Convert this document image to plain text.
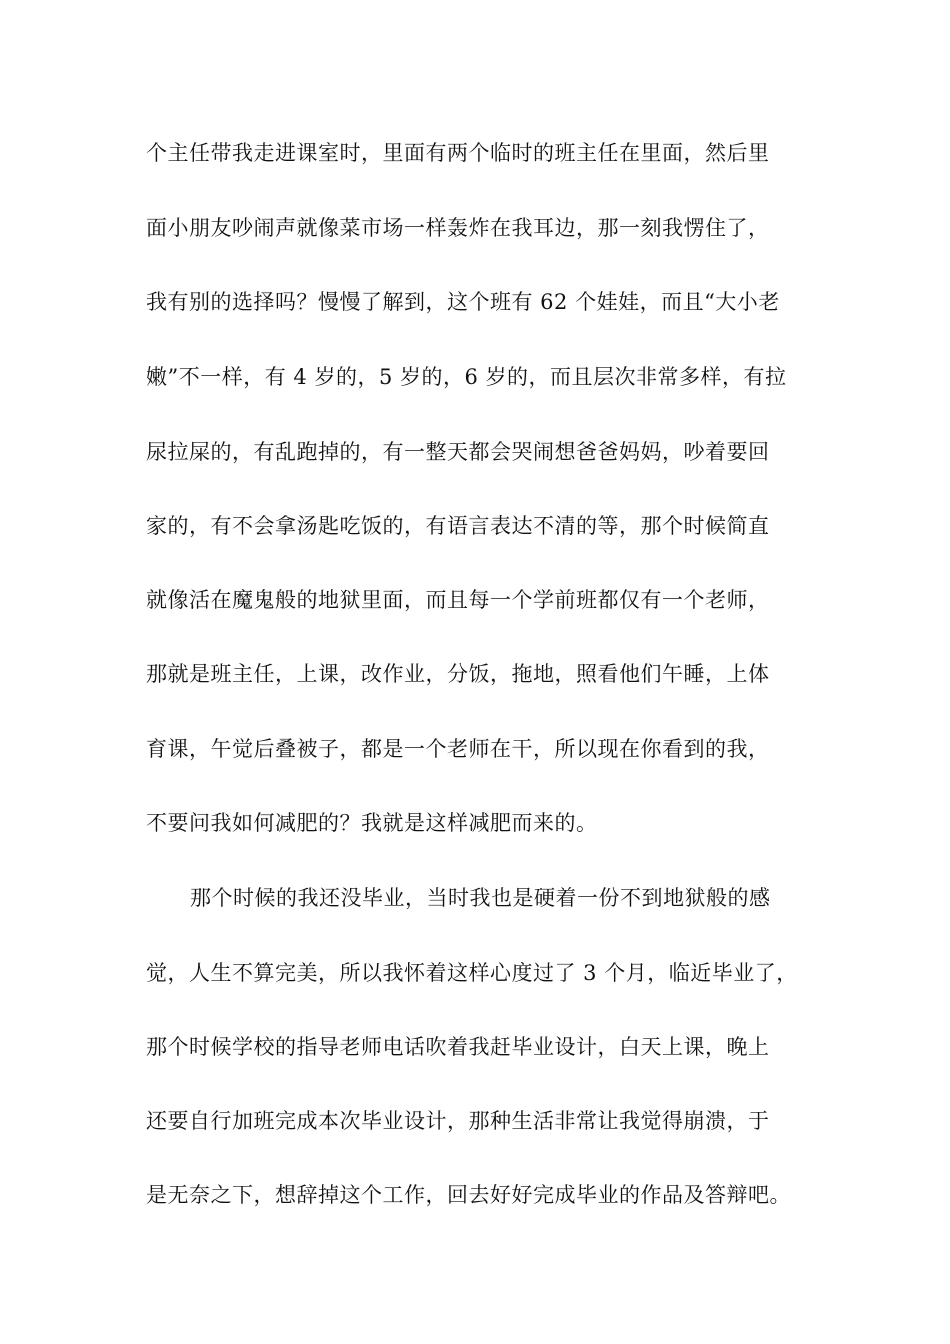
个主任带我走进课室时，里面有两个临时的班主任在里面，然后里
面小朋友吵闹声就像菜市场一样轰炸在我耳边，那一刻我愣住了，
我有别的选择吗？慢慢了解到，这个班有 62 个娃娃，而且“大小老
嫩”不一样，有 4 岁的，5 岁的，6 岁的，而且层次非常多样，有拉
尿拉屎的，有乱跑掉的，有一整天都会哭闹想爸爸妈妈，吵着要回
家的，有不会拿汤匙吃饭的，有语言表达不清的等，那个时候简直
就像活在魔鬼般的地狱里面，而且每一个学前班都仅有一个老师，
那就是班主任，上课，改作业，分饭，拖地，照看他们午睡，上体
育课，午觉后叠被子，都是一个老师在干，所以现在你看到的我，
不要问我如何减肥的？我就是这样减肥而来的。
那个时候的我还没毕业，当时我也是硬着一份不到地狱般的感
觉，人生不算完美，所以我怀着这样心度过了 3 个月，临近毕业了，
那个时候学校的指导老师电话吹着我赶毕业设计，白天上课，晚上
还要自行加班完成本次毕业设计，那种生活非常让我觉得崩溃，于
是无奈之下，想辞掉这个工作，回去好好完成毕业的作品及答辩吧。
